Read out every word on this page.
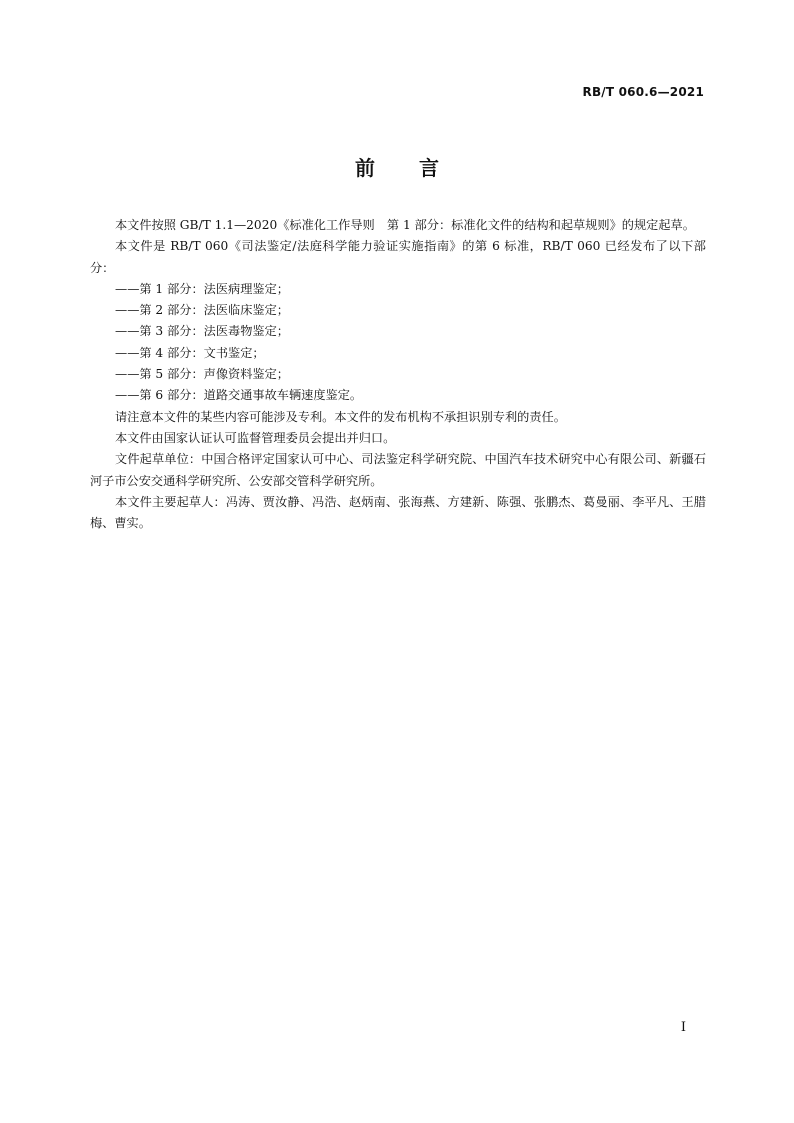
RB/T 060.6—2021
前 言

本文件按照 GB/T 1.1—2020《标准化工作导则　第 1 部分：标准化文件的结构和起草规则》的规定起草。

本文件是 RB/T 060《司法鉴定/法庭科学能力验证实施指南》的第 6 标准，RB/T 060 已经发布了以下部分：

——第 1 部分：法医病理鉴定；

——第 2 部分：法医临床鉴定；

——第 3 部分：法医毒物鉴定；

——第 4 部分：文书鉴定；

——第 5 部分：声像资料鉴定；

——第 6 部分：道路交通事故车辆速度鉴定。

请注意本文件的某些内容可能涉及专利。本文件的发布机构不承担识别专利的责任。

本文件由国家认证认可监督管理委员会提出并归口。

文件起草单位：中国合格评定国家认可中心、司法鉴定科学研究院、中国汽车技术研究中心有限公司、新疆石河子市公安交通科学研究所、公安部交管科学研究所。

本文件主要起草人：冯涛、贾汝静、冯浩、赵炳南、张海燕、方建新、陈强、张鹏杰、葛曼丽、李平凡、王腊梅、曹实。

I
